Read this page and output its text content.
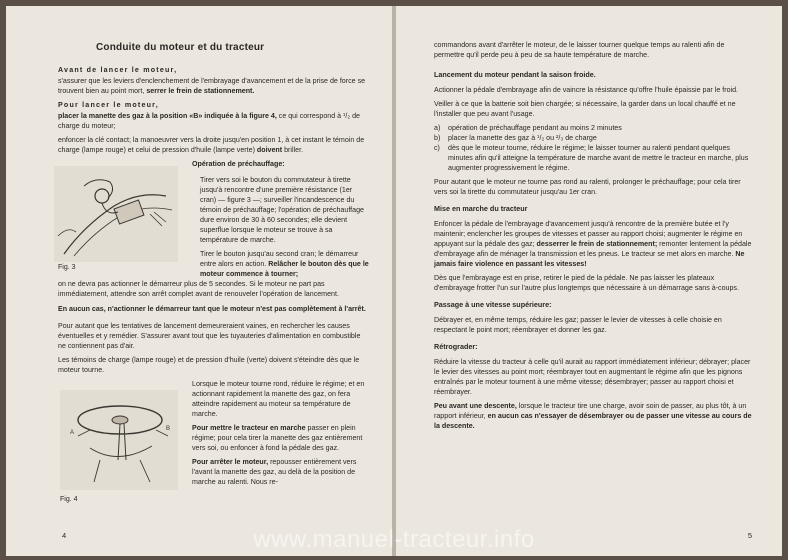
Conduite du moteur et du tracteur

Avant de lancer le moteur,

s'assurer que les leviers d'enclenchement de l'embrayage d'avancement et de la prise de force se trouvent bien au point mort, serrer le frein de stationnement.

Pour lancer le moteur,

placer la manette des gaz à la position «B» indiquée à la figure 4, ce qui correspond à ¹/₂ de charge du moteur;

enfoncer la clé contact; la manoeuvrer vers la droite jusqu'en position 1, à cet instant le témoin de charge (lampe rouge) et celui de pression d'huile (lampe verte) doivent briller.

Opération de préchauffage:

Tirer vers soi le bouton du commutateur à tirette jusqu'à rencontre d'une première résistance (1er cran) — figure 3 —; surveiller l'incandescence du témoin de préchauffage; l'opération de préchauffage dure environ de 30 à 60 secondes; elle devient superflue lorsque le moteur se trouve à sa température de marche.

Tirer le bouton jusqu'au second cran; le démarreur entre alors en action. Relâcher le bouton dès que le moteur commence à tourner;

on ne devra pas actionner le démarreur plus de 5 secondes. Si le moteur ne part pas immédiatement, attendre son arrêt complet avant de renouveler l'opération de lancement.

En aucun cas, n'actionner le démarreur tant que le moteur n'est pas complètement à l'arrêt.

Pour autant que les tentatives de lancement demeureraient vaines, en rechercher les causes éventuelles et y remédier. S'assurer avant tout que les tuyauteries d'alimentation en combustible ne contiennent pas d'air.

Les témoins de charge (lampe rouge) et de pression d'huile (verte) doivent s'éteindre dès que le moteur tourne.

Lorsque le moteur tourne rond, réduire le régime; et en actionnant rapidement la manette des gaz, on fera atteindre rapidement au moteur sa température de marche.

Pour mettre le tracteur en marche passer en plein régime; pour cela tirer la manette des gaz entièrement vers soi, ou enfoncer à fond la pédale des gaz.

Pour arrêter le moteur, repousser entièrement vers l'avant la manette des gaz, au delà de la position de marche au ralenti. Nous re-

Fig. 3
A
B
Fig. 4
4

commandons avant d'arrêter le moteur, de le laisser tourner quelque temps au ralenti afin de permettre qu'il perde peu à peu de sa haute température de marche.

Lancement du moteur pendant la saison froide.

Actionner la pédale d'embrayage afin de vaincre la résistance qu'offre l'huile épaissie par le froid.

Veiller à ce que la batterie soit bien chargée; si nécessaire, la garder dans un local chauffé et ne l'installer que peu avant l'usage.

a)	opération de préchauffage pendant au moins 2 minutes
b)	placer la manette des gaz à ¹/₂ ou ²/₃ de charge
c)	dès que le moteur tourne, réduire le régime; le laisser tourner au ralenti pendant quelques minutes afin qu'il atteigne la température de marche avant de mettre le tracteur en marche, plus augmenter progressivement le régime.

Pour autant que le moteur ne tourne pas rond au ralenti, prolonger le préchauffage; pour cela tirer vers soi la tirette du commutateur jusqu'au 1er cran.

Mise en marche du tracteur

Enfoncer la pédale de l'embrayage d'avancement jusqu'à rencontre de la première butée et l'y maintenir; enclencher les groupes de vitesses et passer au rapport choisi; augmenter le régime en appuyant sur la pédale des gaz; desserrer le frein de stationnement; remonter lentement la pédale d'embrayage afin de ménager la transmission et les pneus. Le tracteur se met alors en marche. Ne jamais faire violence en passant les vitesses!

Dès que l'embrayage est en prise, retirer le pied de la pédale. Ne pas laisser les plateaux d'embrayage frotter l'un sur l'autre plus longtemps que nécessaire à un démarrage sans à-coups.

Passage à une vitesse supérieure:

Débrayer et, en même temps, réduire les gaz; passer le levier de vitesses à celle choisie en respectant le point mort; réembrayer et donner les gaz.

Rétrograder:

Réduire la vitesse du tracteur à celle qu'il aurait au rapport immédiatement inférieur; débrayer; placer le levier des vitesses au point mort; réembrayer tout en augmentant le régime afin que les pignons entraînés par le moteur tournent à une même vitesse; désembrayer; passer au rapport choisi et réembrayer.

Peu avant une descente, lorsque le tracteur tire une charge, avoir soin de passer, au plus tôt, à un rapport inférieur, en aucun cas n'essayer de désembrayer ou de passer une vitesse au cours de la descente.

5
www.manuel-tracteur.info
